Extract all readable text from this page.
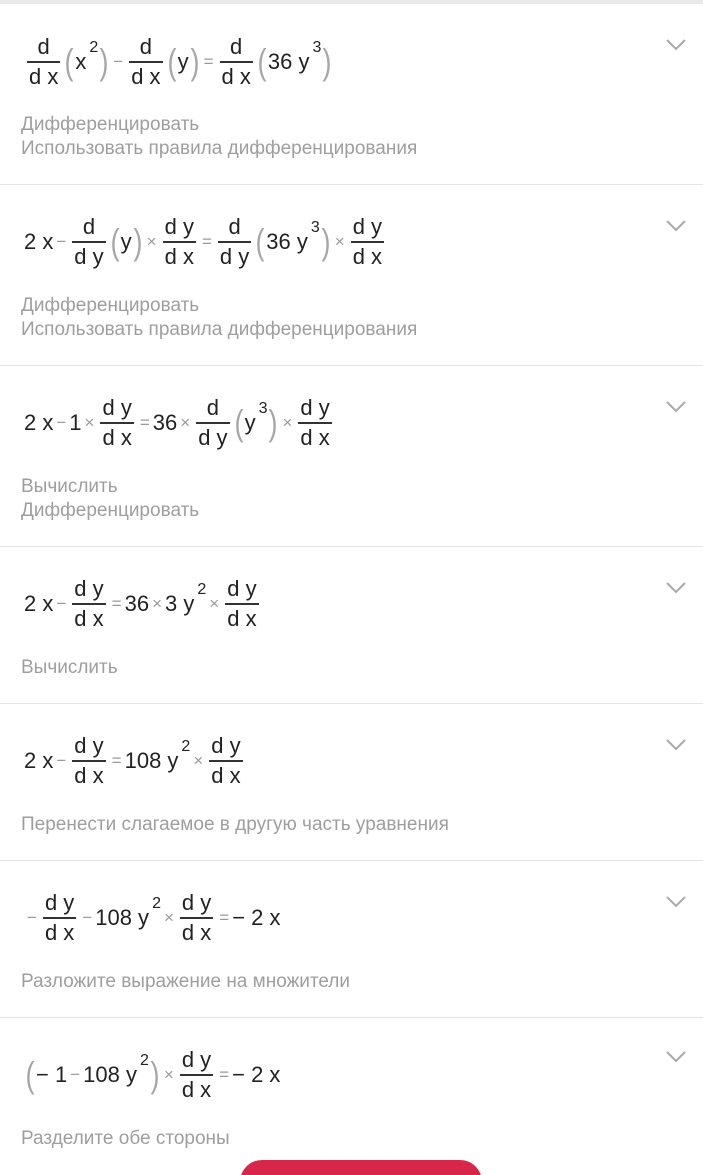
$\frac{d}{\text{d x}}$ ( x
2 ) − $\frac{d}{\text{d x}}$ ( y ) = $\frac{d}{\text{d x}}$ ( 36 y
3 )
Дифференцировать
Использовать правила дифференцирования
2 $x - \frac{d}{\text{d y}}$ ( y ) × $\frac{\text{d y}}{\text{d x}} = \frac{d}{\text{d y}}$ ( 36 y
3 ) × $\frac{\text{d y}}{\text{d x}}$
Дифференцировать
Использовать правила дифференцирования
2 $x - 1 \times \frac{\text{d y}}{\text{d x}} = 36 \times \frac{d}{\text{d y}}$ ( y
3 ) × $\frac{\text{d y}}{\text{d x}}$
Вычислить
Дифференцировать
2 $x - \frac{\text{d y}}{\text{d x}} = 36 \times 3$ y
2
× $\frac{\text{d y}}{\text{d x}}$
Вычислить
2 $x - \frac{\text{d y}}{\text{d x}} = 108$ y
2
× $\frac{\text{d y}}{\text{d x}}$
Перенести слагаемое в другую часть уравнения
− $\frac{\text{d y}}{\text{d x}} - 108$ y
2
× $\frac{\text{d y}}{\text{d x}}$ = − 2 x
Разложите выражение на множители
( − 1 − 108 y
2 ) × $\frac{\text{d y}}{\text{d x}}$ = − 2 x
Разделите обе стороны
